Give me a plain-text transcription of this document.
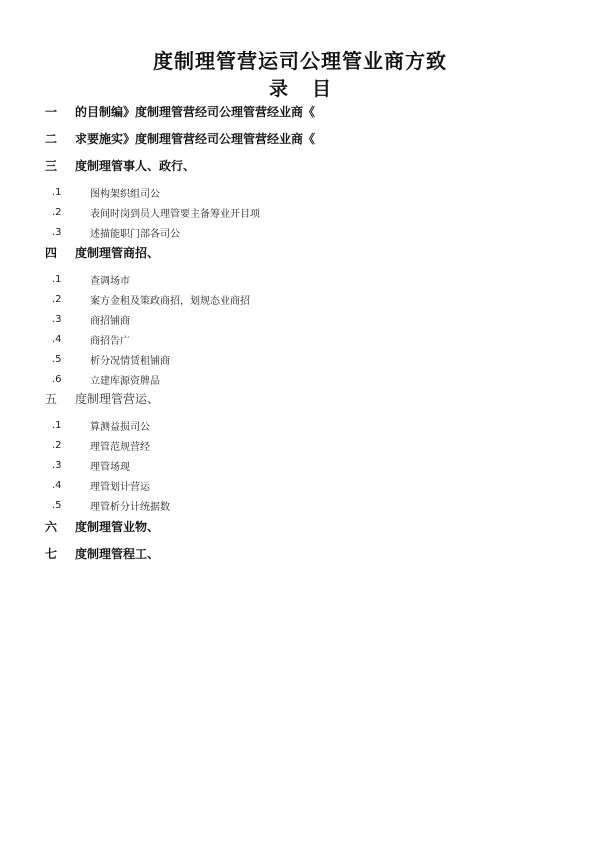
度制理管营运司公理管业商方致
录目
一	的目制编》度制理管营经司公理管营经业商《
二	求要施实》度制理管营经司公理管营经业商《
三	度制理管事人、政行、
.1	图构架织组司公
.2	表间时岗到员人理管要主备筹业开目项
.3	述描能职门部各司公
四	度制理管商招、
.1	查调场市
.2	案方金租及策政商招，划规态业商招
.3	商招铺商
.4	商招告广
.5	析分况情赁租铺商
.6	立建库源资牌品
五	度制理管营运、
.1	算测益损司公
.2	理管范规营经
.3	理管场现
.4	理管划计营运
.5	理管析分计统据数
六	度制理管业物、
七	度制理管程工、
